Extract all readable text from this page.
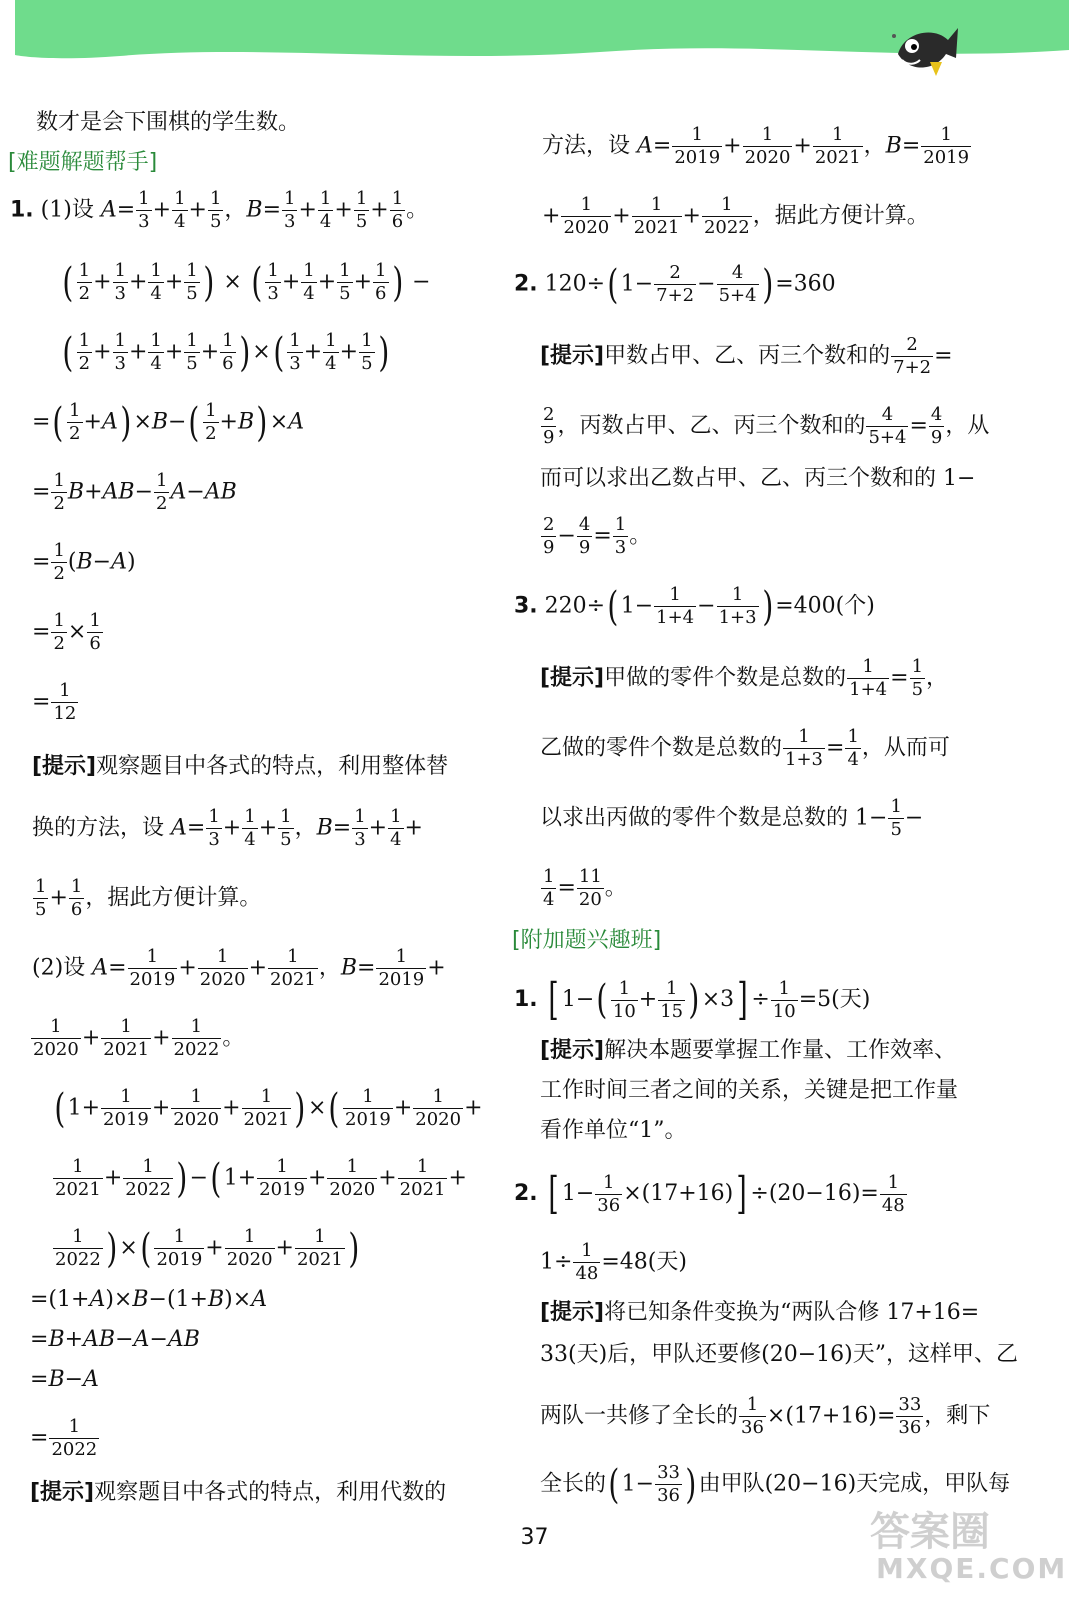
数才是会下围棋的学生数。
[难题解题帮手]
1. (1)设 $A= \frac{1}{3} + \frac{1}{4} + \frac{1}{5}$ ，$B= \frac{1}{3} + \frac{1}{4} + \frac{1}{5} + \frac{1}{6}$ 。
( $\frac{1}{2} + \frac{1}{3} + \frac{1}{4} + \frac{1}{5}$ ) × ( $\frac{1}{3} + \frac{1}{4} + \frac{1}{5} + \frac{1}{6}$ ) −
( $\frac{1}{2} + \frac{1}{3} + \frac{1}{4} + \frac{1}{5} + \frac{1}{6}$ ) ×( $\frac{1}{3} + \frac{1}{4} + \frac{1}{5}$ )
=( $\frac{1}{2} +A) \times B-( \frac{1}{2} +B) \times A$
= $\frac{1}{2} B+AB- \frac{1}{2} A-AB$
= $\frac{1}{2} (B-A)$
= $\frac{1}{2} \times \frac{1}{6}$
= $\frac{1}{12}$
[提示]观察题目中各式的特点，利用整体替
换的方法，设 $A= \frac{1}{3} + \frac{1}{4} + \frac{1}{5}$ ，$B= \frac{1}{3} + \frac{1}{4}$ +
$\frac{1}{5} + \frac{1}{6}$ ，据此方便计算。
(2)设 $A= \frac{1}{2019} + \frac{1}{2020} + \frac{1}{2021}$ ，$B= \frac{1}{2019}$ +
$\frac{1}{2020} + \frac{1}{2021} + \frac{1}{2022}$ 。
( $1+ \frac{1}{2019} + \frac{1}{2020} + \frac{1}{2021}$ ) ×( $\frac{1}{2019} + \frac{1}{2020}$ +
$\frac{1}{2021} + \frac{1}{2022}$ ) −( $1+ \frac{1}{2019} + \frac{1}{2020} + \frac{1}{2021}$ +
$\frac{1}{2022}$ ) ×( $\frac{1}{2019} + \frac{1}{2020} + \frac{1}{2021}$ )
=(1+A)×B−(1+B)×A
=B+AB−A−AB
=B−A
= $\frac{1}{2022}$
[提示]观察题目中各式的特点，利用代数的
方法，设 $A= \frac{1}{2019} + \frac{1}{2020} + \frac{1}{2021}$ ，$B= \frac{1}{2019}$
+ $\frac{1}{2020} + \frac{1}{2021} + \frac{1}{2022}$ ，据此方便计算。
2. 120÷( $1- \frac{2}{7+2} - \frac{4}{5+4}$ ) =360
[提示]甲数占甲、乙、丙三个数和的 $\frac{2}{7+2}$ =
$\frac{2}{9}$ ，丙数占甲、乙、丙三个数和的 $\frac{4}{5+4} = \frac{4}{9}$ ，从
而可以求出乙数占甲、乙、丙三个数和的 1−
$\frac{2}{9} - \frac{4}{9} = \frac{1}{3}$ 。
3. 220÷( $1- \frac{1}{1+4} - \frac{1}{1+3}$ ) =400(个)
[提示]甲做的零件个数是总数的 $\frac{1}{1+4} = \frac{1}{5}$ ，
乙做的零件个数是总数的 $\frac{1}{1+3} = \frac{1}{4}$ ，从而可
以求出丙做的零件个数是总数的 $1- \frac{1}{5}$ −
$\frac{1}{4} = \frac{11}{20}$ 。
[附加题兴趣班]
1. [ $1-( \frac{1}{10} + \frac{1}{15}$ ) $\times 3] \div \frac{1}{10} =5$(天)
[提示]解决本题要掌握工作量、工作效率、
工作时间三者之间的关系，关键是把工作量
看作单位“1”。
2. [ $1- \frac{1}{36} \times(17+16)] \div(20-16)= \frac{1}{48}$
$1\div \frac{1}{48} =48$(天)
[提示]将已知条件变换为“两队合修 17+16=
33(天)后，甲队还要修(20−16)天”，这样甲、乙
两队一共修了全长的 $\frac{1}{36} \times(17+16)= \frac{33}{36}$ ，剩下
全长的( $1- \frac{33}{36}$ ) 由甲队(20−16)天完成，甲队每
37	答案圈
MXQE.COM
